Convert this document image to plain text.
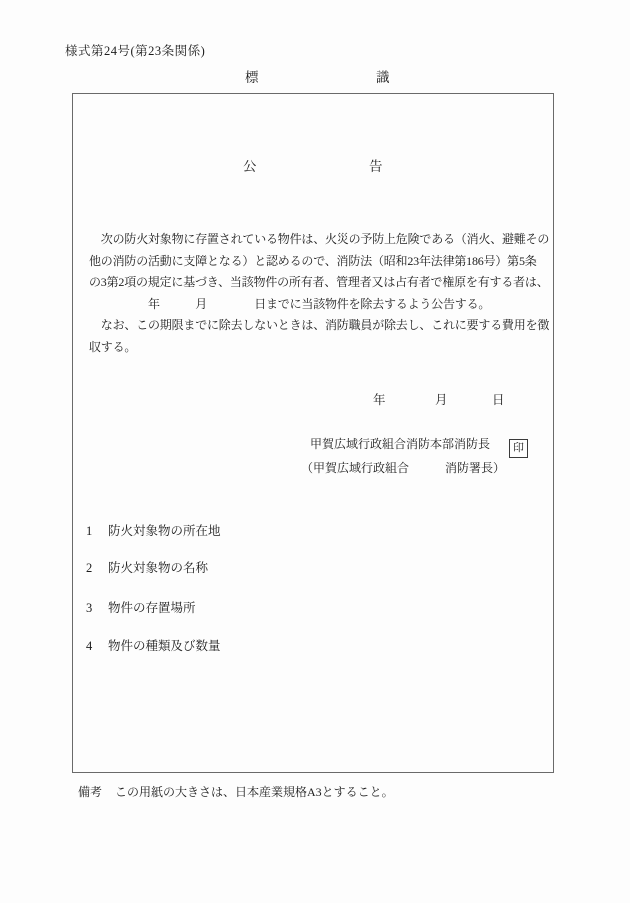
様式第24号(第23条関係)
標	識
公	告
　次の防火対象物に存置されている物件は、火災の予防上危険である（消火、避難その
他の消防の活動に支障となる）と認めるので、消防法（昭和23年法律第186号）第5条
の3第2項の規定に基づき、当該物件の所有者、管理者又は占有者で権原を有する者は、
　　　　　年　　　月　　　　日までに当該物件を除去するよう公告する。
　なお、この期限までに除去しないときは、消防職員が除去し、これに要する費用を徴
収する。
年	月	日
甲賀広域行政組合消防本部消防長 印
（甲賀広域行政組合　　　消防署長）
1 防火対象物の所在地
2 防火対象物の名称
3 物件の存置場所
4 物件の種類及び数量
備考 この用紙の大きさは、日本産業規格A3とすること。
